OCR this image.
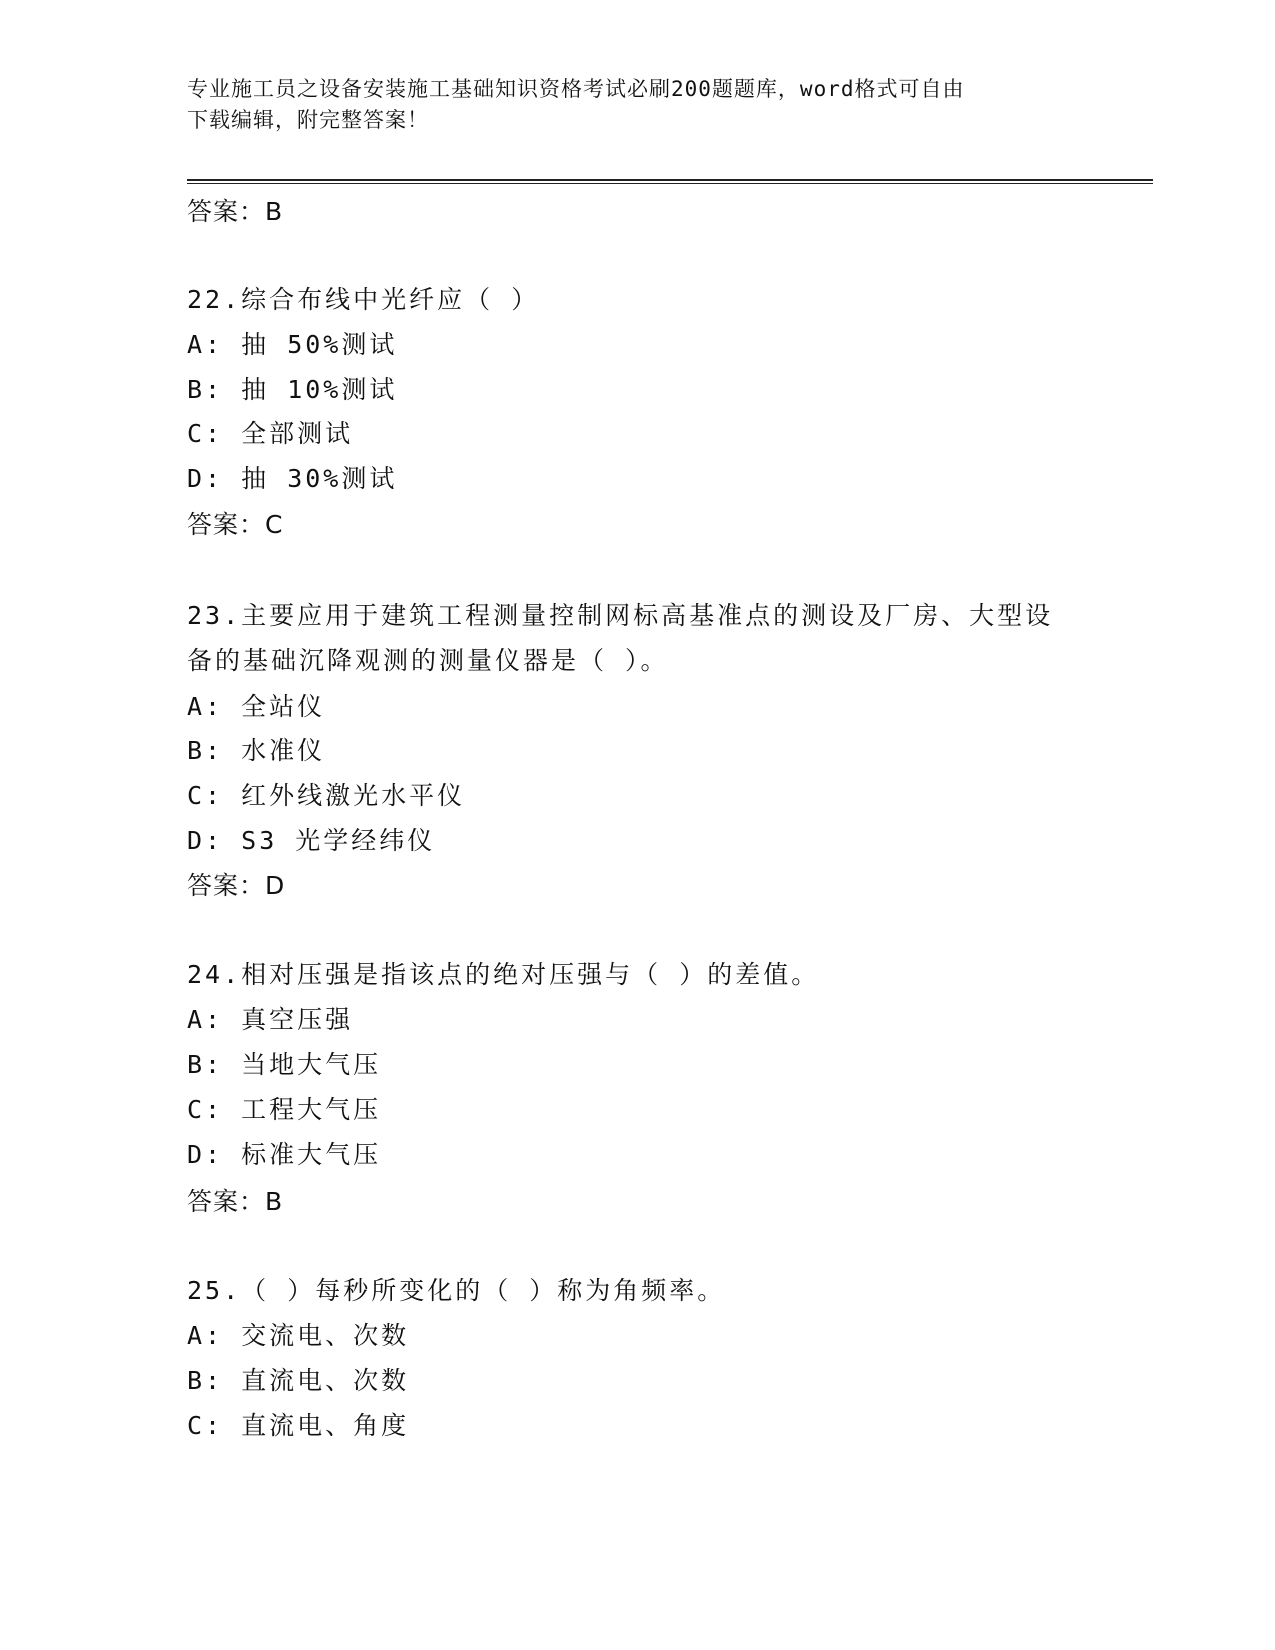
专业施工员之设备安装施工基础知识资格考试必刷200题题库，word格式可自由
下载编辑，附完整答案！
答案：B
22.综合布线中光纤应（ ）
A: 抽 50%测试
B: 抽 10%测试
C: 全部测试
D: 抽 30%测试
答案：C
23.主要应用于建筑工程测量控制网标高基准点的测设及厂房、大型设
备的基础沉降观测的测量仪器是（ ）。
A: 全站仪
B: 水准仪
C: 红外线激光水平仪
D: S3 光学经纬仪
答案：D
24.相对压强是指该点的绝对压强与（ ）的差值。
A: 真空压强
B: 当地大气压
C: 工程大气压
D: 标准大气压
答案：B
25.（ ）每秒所变化的（ ）称为角频率。
A: 交流电、次数
B: 直流电、次数
C: 直流电、角度
